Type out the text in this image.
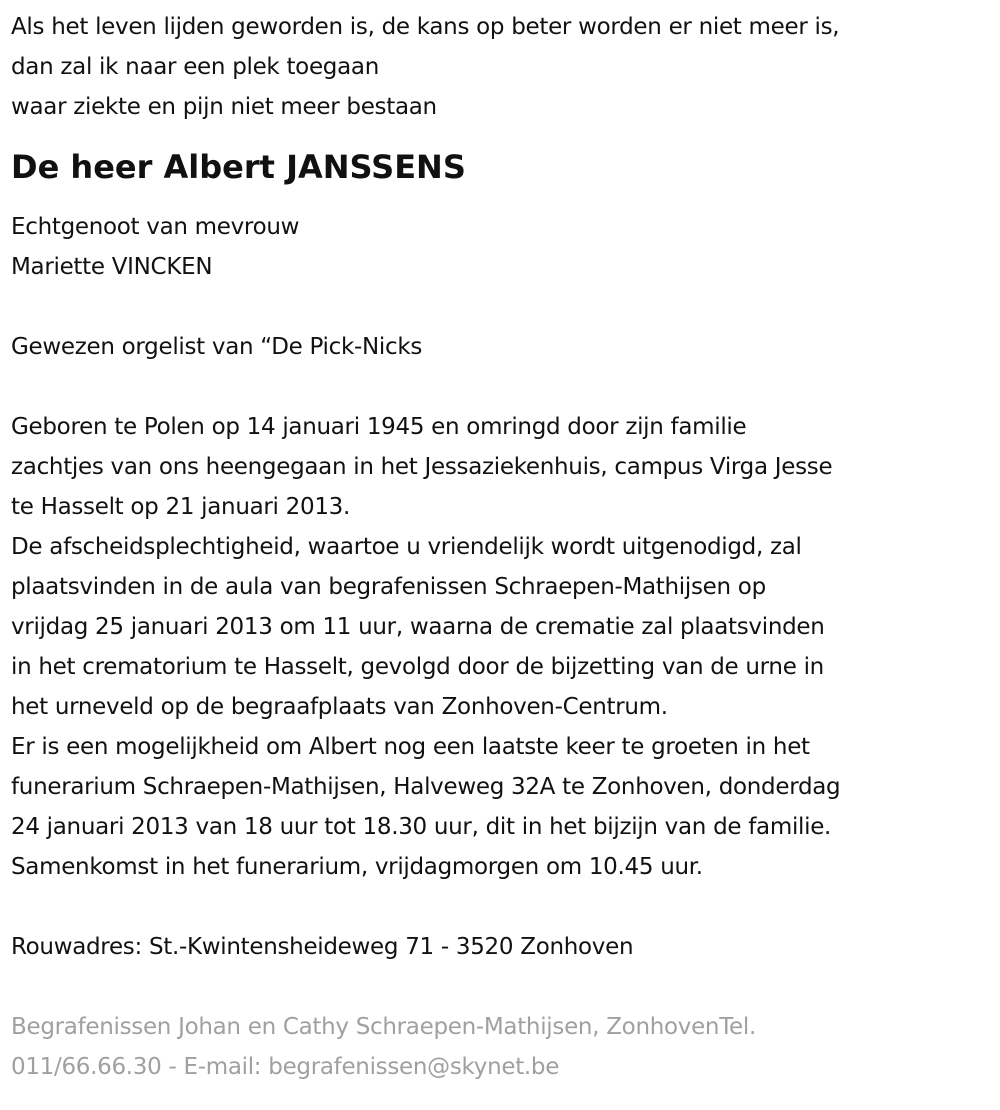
Als het leven lijden geworden is, de kans op beter worden er niet meer is,
dan zal ik naar een plek toegaan
waar ziekte en pijn niet meer bestaan
De heer Albert JANSSENS
Echtgenoot van mevrouw
Mariette VINCKEN
Gewezen orgelist van “De Pick-Nicks
Geboren te Polen op 14 januari 1945 en omringd door zijn familie
zachtjes van ons heengegaan in het Jessaziekenhuis, campus Virga Jesse
te Hasselt op 21 januari 2013.
De afscheidsplechtigheid, waartoe u vriendelijk wordt uitgenodigd, zal
plaatsvinden in de aula van begrafenissen Schraepen-Mathijsen op
vrijdag 25 januari 2013 om 11 uur, waarna de crematie zal plaatsvinden
in het crematorium te Hasselt, gevolgd door de bijzetting van de urne in
het urneveld op de begraafplaats van Zonhoven-Centrum.
Er is een mogelijkheid om Albert nog een laatste keer te groeten in het
funerarium Schraepen-Mathijsen, Halveweg 32A te Zonhoven, donderdag
24 januari 2013 van 18 uur tot 18.30 uur, dit in het bijzijn van de familie.
Samenkomst in het funerarium, vrijdagmorgen om 10.45 uur.
Rouwadres: St.-Kwintensheideweg 71 - 3520 Zonhoven
Begrafenissen Johan en Cathy Schraepen-Mathijsen, ZonhovenTel.
011/66.66.30 - E-mail: begrafenissen@skynet.be
